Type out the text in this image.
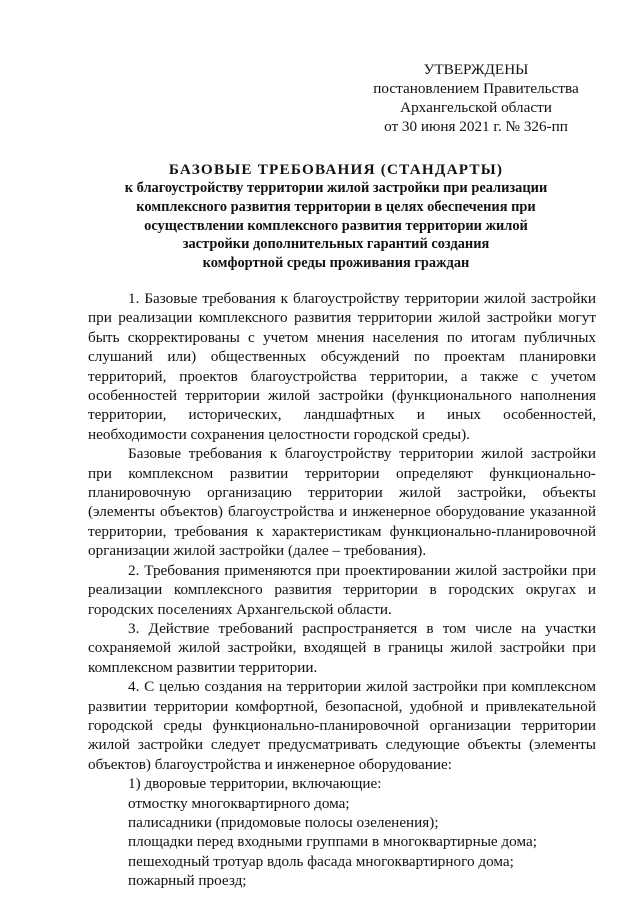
УТВЕРЖДЕНЫ
постановлением Правительства
Архангельской области
от 30 июня 2021 г. № 326-пп
БАЗОВЫЕ ТРЕБОВАНИЯ (СТАНДАРТЫ)
к благоустройству территории жилой застройки при реализации
комплексного развития территории в целях обеспечения при
осуществлении комплексного развития территории жилой
застройки дополнительных гарантий создания
комфортной среды проживания граждан

1. Базовые требования к благоустройству территории жилой застройки при реализации комплексного развития территории жилой застройки могут быть скорректированы с учетом мнения населения по итогам публичных слушаний или) общественных обсуждений по проектам планировки территорий, проектов благоустройства территории, а также с учетом особенностей территории жилой застройки (функционального наполнения территории, исторических, ландшафтных и иных особенностей, необходимости сохранения целостности городской среды).

Базовые требования к благоустройству территории жилой застройки при комплексном развитии территории определяют функционально-планировочную организацию территории жилой застройки, объекты (элементы объектов) благоустройства и инженерное оборудование указанной территории, требования к характеристикам функционально-планировочной организации жилой застройки (далее – требования).

2. Требования применяются при проектировании жилой застройки при реализации комплексного развития территории в городских округах и городских поселениях Архангельской области.

3. Действие требований распространяется в том числе на участки сохраняемой жилой застройки, входящей в границы жилой застройки при комплексном развитии территории.

4. С целью создания на территории жилой застройки при комплексном развитии территории комфортной, безопасной, удобной и привлекательной городской среды функционально-планировочной организации территории жилой застройки следует предусматривать следующие объекты (элементы объектов) благоустройства и инженерное оборудование:

1) дворовые территории, включающие:
отмостку многоквартирного дома;
палисадники (придомовые полосы озеленения);
площадки перед входными группами в многоквартирные дома;
пешеходный тротуар вдоль фасада многоквартирного дома;
пожарный проезд;
